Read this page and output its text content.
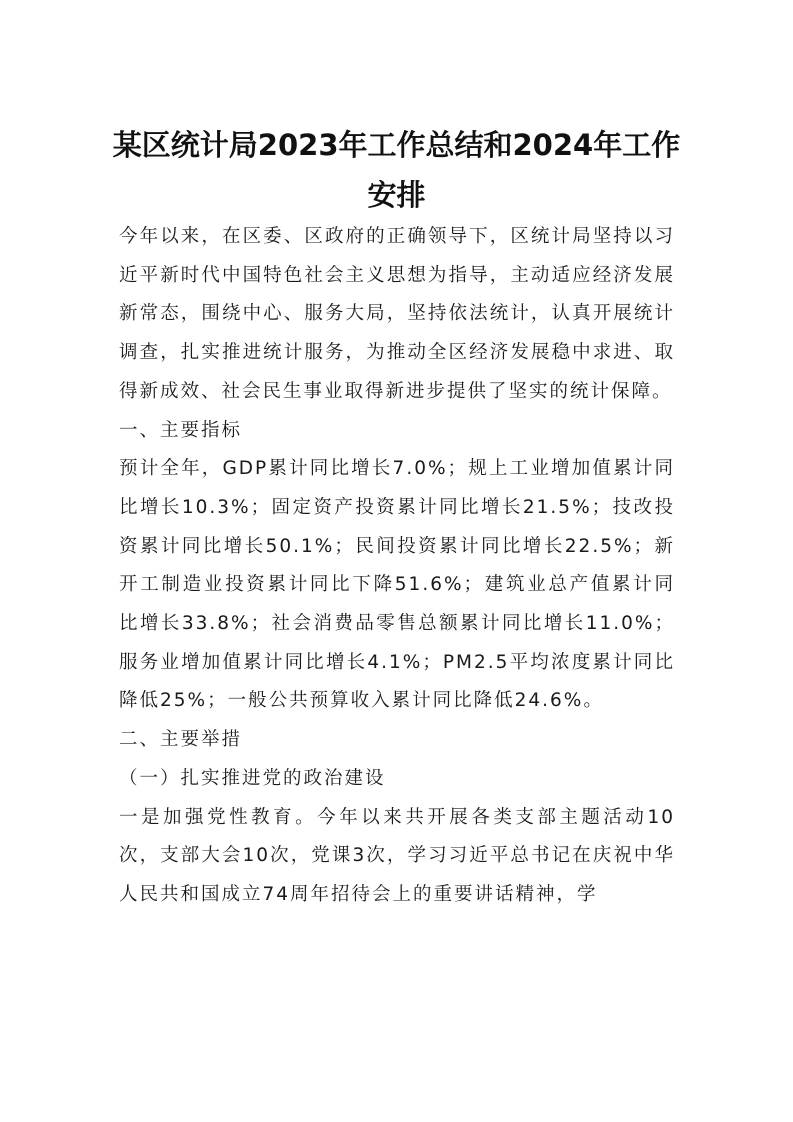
某区统计局2023年工作总结和2024年工作
安排

今年以来，在区委、区政府的正确领导下，区统计局坚持以习近平新时代中国特色社会主义思想为指导，主动适应经济发展新常态，围绕中心、服务大局，坚持依法统计，认真开展统计调查，扎实推进统计服务，为推动全区经济发展稳中求进、取得新成效、社会民生事业取得新进步提供了坚实的统计保障。

一、主要指标

预计全年，GDP累计同比增长7.0%；规上工业增加值累计同比增长10.3%；固定资产投资累计同比增长21.5%；技改投资累计同比增长50.1%；民间投资累计同比增长22.5%；新开工制造业投资累计同比下降51.6%；建筑业总产值累计同比增长33.8%；社会消费品零售总额累计同比增长11.0%；服务业增加值累计同比增长4.1%；PM2.5平均浓度累计同比降低25%；一般公共预算收入累计同比降低24.6%。

二、主要举措

（一）扎实推进党的政治建设

一是加强党性教育。今年以来共开展各类支部主题活动10次，支部大会10次，党课3次，学习习近平总书记在庆祝中华人民共和国成立74周年招待会上的重要讲话精神，学
